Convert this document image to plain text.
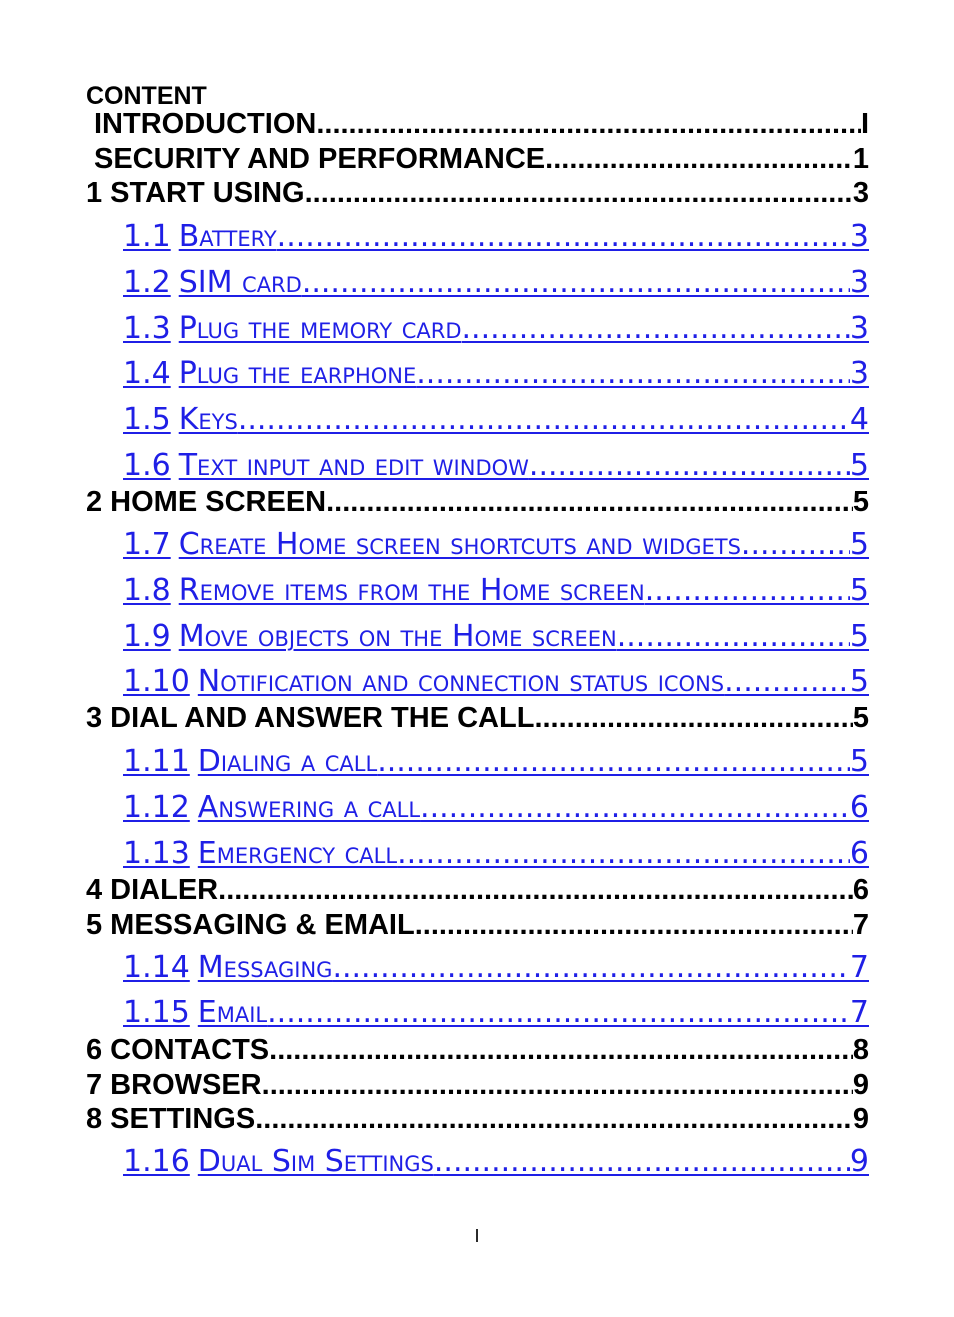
CONTENT
INTRODUCTION .....	I
SECURITY AND PERFORMANCE .....	1
1 START USING .....	3
1.1 Battery .....	3
1.2 SIM card .....	3
1.3 Plug the memory card .....	3
1.4 Plug the earphone .....	3
1.5 Keys .....	4
1.6 Text input and edit window .....	5
2 HOME SCREEN .....	5
1.7 Create Home screen shortcuts and widgets .....	5
1.8 Remove items from the Home screen .....	5
1.9 Move objects on the Home screen .....	5
1.10 Notification and connection status icons .....	5
3 DIAL AND ANSWER THE CALL .....	5
1.11 Dialing a call .....	5
1.12 Answering a call .....	6
1.13 Emergency call .....	6
4 DIALER .....	6
5 MESSAGING & EMAIL .....	7
1.14 Messaging .....	7
1.15 Email .....	7
6 CONTACTS .....	8
7 BROWSER .....	9
8 SETTINGS .....	9
1.16 Dual Sim Settings .....	9
I
